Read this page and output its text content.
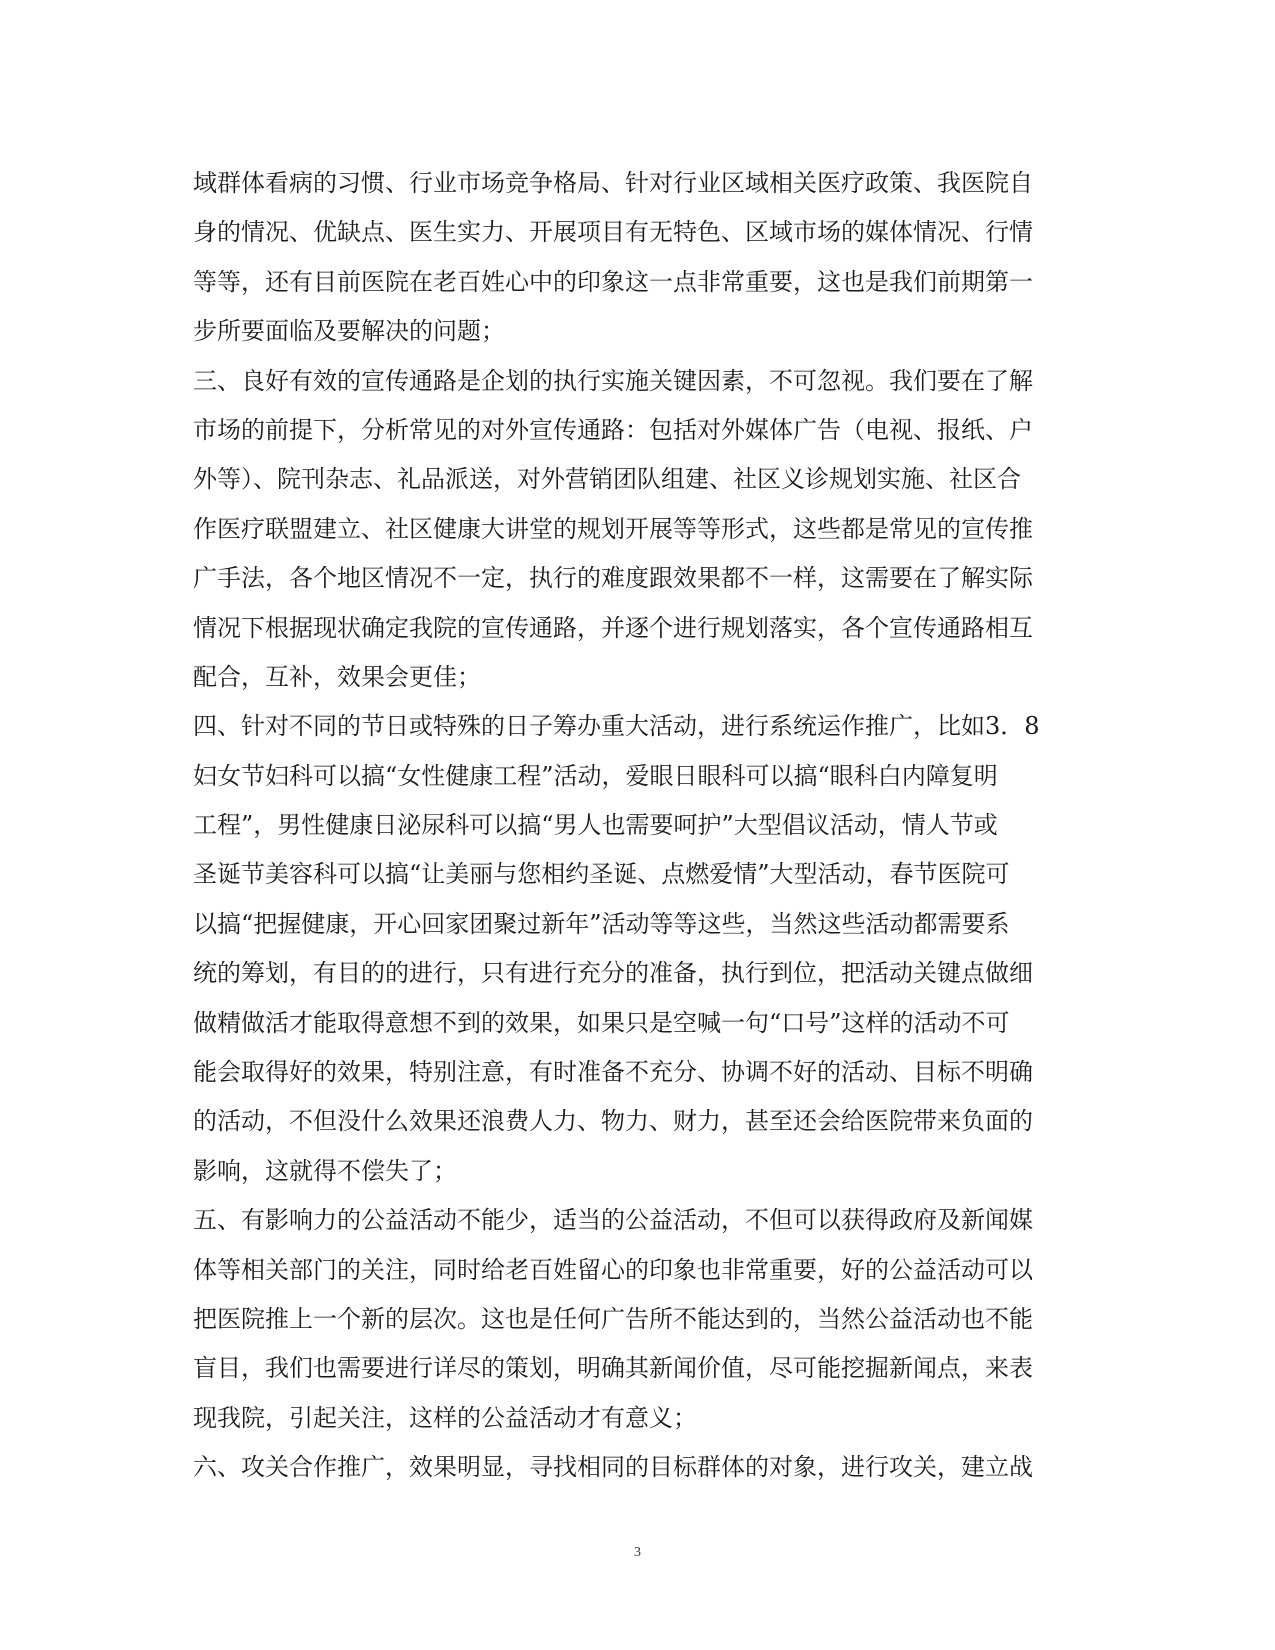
域群体看病的习惯、行业市场竞争格局、针对行业区域相关医疗政策、我医院自
身的情况、优缺点、医生实力、开展项目有无特色、区域市场的媒体情况、行情
等等，还有目前医院在老百姓心中的印象这一点非常重要，这也是我们前期第一
步所要面临及要解决的问题；
三、良好有效的宣传通路是企划的执行实施关键因素，不可忽视。我们要在了解
市场的前提下，分析常见的对外宣传通路：包括对外媒体广告（电视、报纸、户
外等）、院刊杂志、礼品派送，对外营销团队组建、社区义诊规划实施、社区合
作医疗联盟建立、社区健康大讲堂的规划开展等等形式，这些都是常见的宣传推
广手法，各个地区情况不一定，执行的难度跟效果都不一样，这需要在了解实际
情况下根据现状确定我院的宣传通路，并逐个进行规划落实，各个宣传通路相互
配合，互补，效果会更佳；
四、针对不同的节日或特殊的日子筹办重大活动，进行系统运作推广，比如3．8
妇女节妇科可以搞“女性健康工程”活动，爱眼日眼科可以搞“眼科白内障复明
工程”，男性健康日泌尿科可以搞“男人也需要呵护”大型倡议活动，情人节或
圣诞节美容科可以搞“让美丽与您相约圣诞、点燃爱情”大型活动，春节医院可
以搞“把握健康，开心回家团聚过新年”活动等等这些，当然这些活动都需要系
统的筹划，有目的的进行，只有进行充分的准备，执行到位，把活动关键点做细
做精做活才能取得意想不到的效果，如果只是空喊一句“口号”这样的活动不可
能会取得好的效果，特别注意，有时准备不充分、协调不好的活动、目标不明确
的活动，不但没什么效果还浪费人力、物力、财力，甚至还会给医院带来负面的
影响，这就得不偿失了；
五、有影响力的公益活动不能少，适当的公益活动，不但可以获得政府及新闻媒
体等相关部门的关注，同时给老百姓留心的印象也非常重要，好的公益活动可以
把医院推上一个新的层次。这也是任何广告所不能达到的，当然公益活动也不能
盲目，我们也需要进行详尽的策划，明确其新闻价值，尽可能挖掘新闻点，来表
现我院，引起关注，这样的公益活动才有意义；
六、攻关合作推广，效果明显，寻找相同的目标群体的对象，进行攻关，建立战
3
